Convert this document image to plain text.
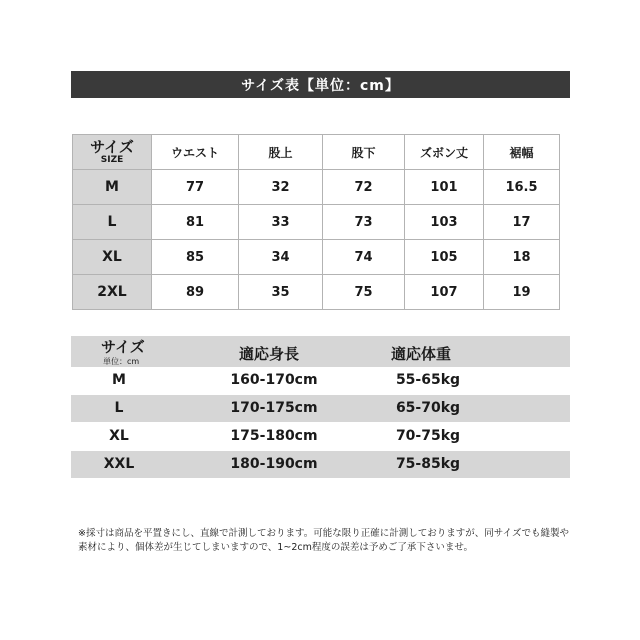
サイズ表【単位：cm】
サイズ
SIZE	ウエスト	股上	股下	ズボン丈	裾幅
M	77	32	72	101	16.5
L	81	33	73	103	17
XL	85	34	74	105	18
2XL	89	35	75	107	19
サイズ
単位：cm	適応身長	適応体重
M	160-170cm	55-65kg
L	170-175cm	65-70kg
XL	175-180cm	70-75kg
XXL	180-190cm	75-85kg
※採寸は商品を平置きにし、直線で計測しております。可能な限り正確に計測しておりますが、同サイズでも縫製や素材により、個体差が生じてしまいますので、1~2cm程度の誤差は予めご了承下さいませ。
